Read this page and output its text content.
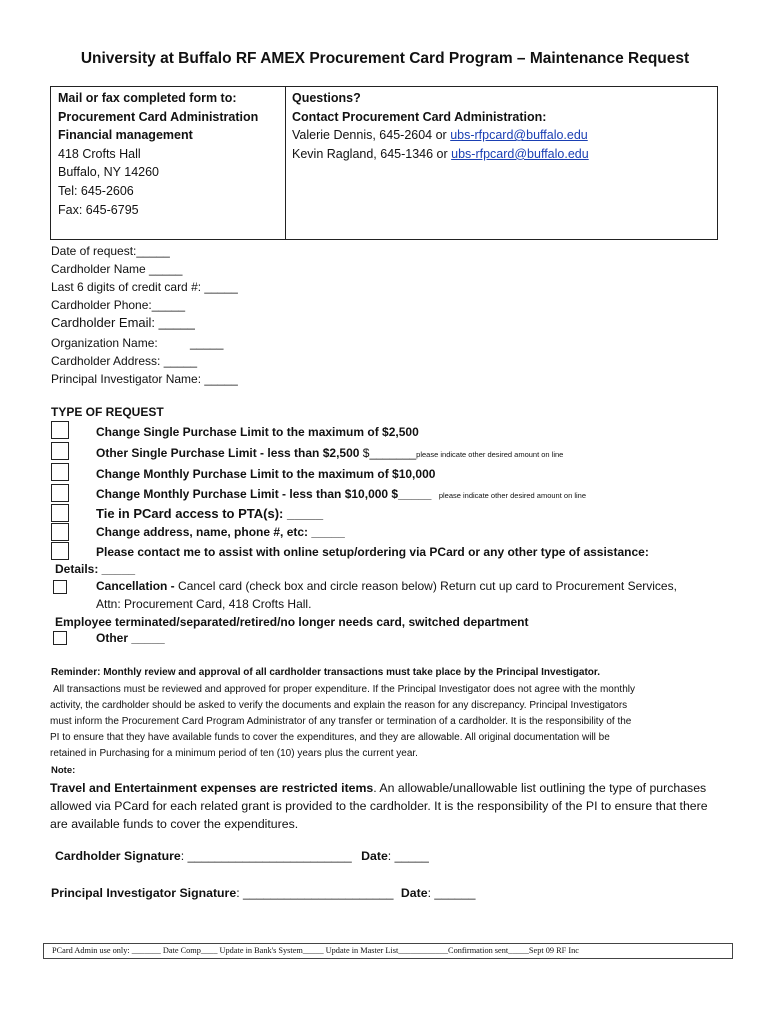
University at Buffalo RF AMEX Procurement Card Program – Maintenance Request
Mail or fax completed form to:
Procurement Card Administration
Financial management
418 Crofts Hall
Buffalo, NY 14260
Tel: 645-2606
Fax: 645-6795
Questions?
Contact Procurement Card Administration:
Valerie Dennis, 645-2604 or ubs-rfpcard@buffalo.edu
Kevin Ragland, 645-1346 or ubs-rfpcard@buffalo.edu
Date of request:_____
Cardholder Name _____
Last 6 digits of credit card #: _____
Cardholder Phone:_____
Cardholder Email: _____
Organization Name:	_____
Cardholder Address: _____
Principal Investigator Name: _____
TYPE OF REQUEST
Change Single Purchase Limit to the maximum of $2,500
Other Single Purchase Limit - less than $2,500 $_______please indicate other desired amount on line
Change Monthly Purchase Limit to the maximum of $10,000
Change Monthly Purchase Limit - less than $10,000 $_____ please indicate other desired amount on line
Tie in PCard access to PTA(s): _____
Change address, name, phone #, etc: _____
Please contact me to assist with online setup/ordering via PCard or any other type of assistance:
Details: _____
Cancellation - Cancel card (check box and circle reason below) Return cut up card to Procurement Services,
Attn: Procurement Card, 418 Crofts Hall.
Employee terminated/separated/retired/no longer needs card, switched department
Other _____
Reminder: Monthly review and approval of all cardholder transactions must take place by the Principal Investigator.
All transactions must be reviewed and approved for proper expenditure. If the Principal Investigator does not agree with the monthly
activity, the cardholder should be asked to verify the documents and explain the reason for any discrepancy. Principal Investigators
must inform the Procurement Card Program Administrator of any transfer or termination of a cardholder. It is the responsibility of the
PI to ensure that they have available funds to cover the expenditures, and they are allowable. All original documentation will be
retained in Purchasing for a minimum period of ten (10) years plus the current year.
Note:
Travel and Entertainment expenses are restricted items. An allowable/unallowable list outlining the type of purchases
allowed via PCard for each related grant is provided to the cardholder. It is the responsibility of the PI to ensure that there
are available funds to cover the expenditures.
Cardholder Signature: ________________________ Date: _____
Principal Investigator Signature: ______________________ Date: ______
PCard Admin use only: _______ Date Comp____ Update in Bank's System_____ Update in Master List____________Confirmation sent_____Sept 09 RF Inc
